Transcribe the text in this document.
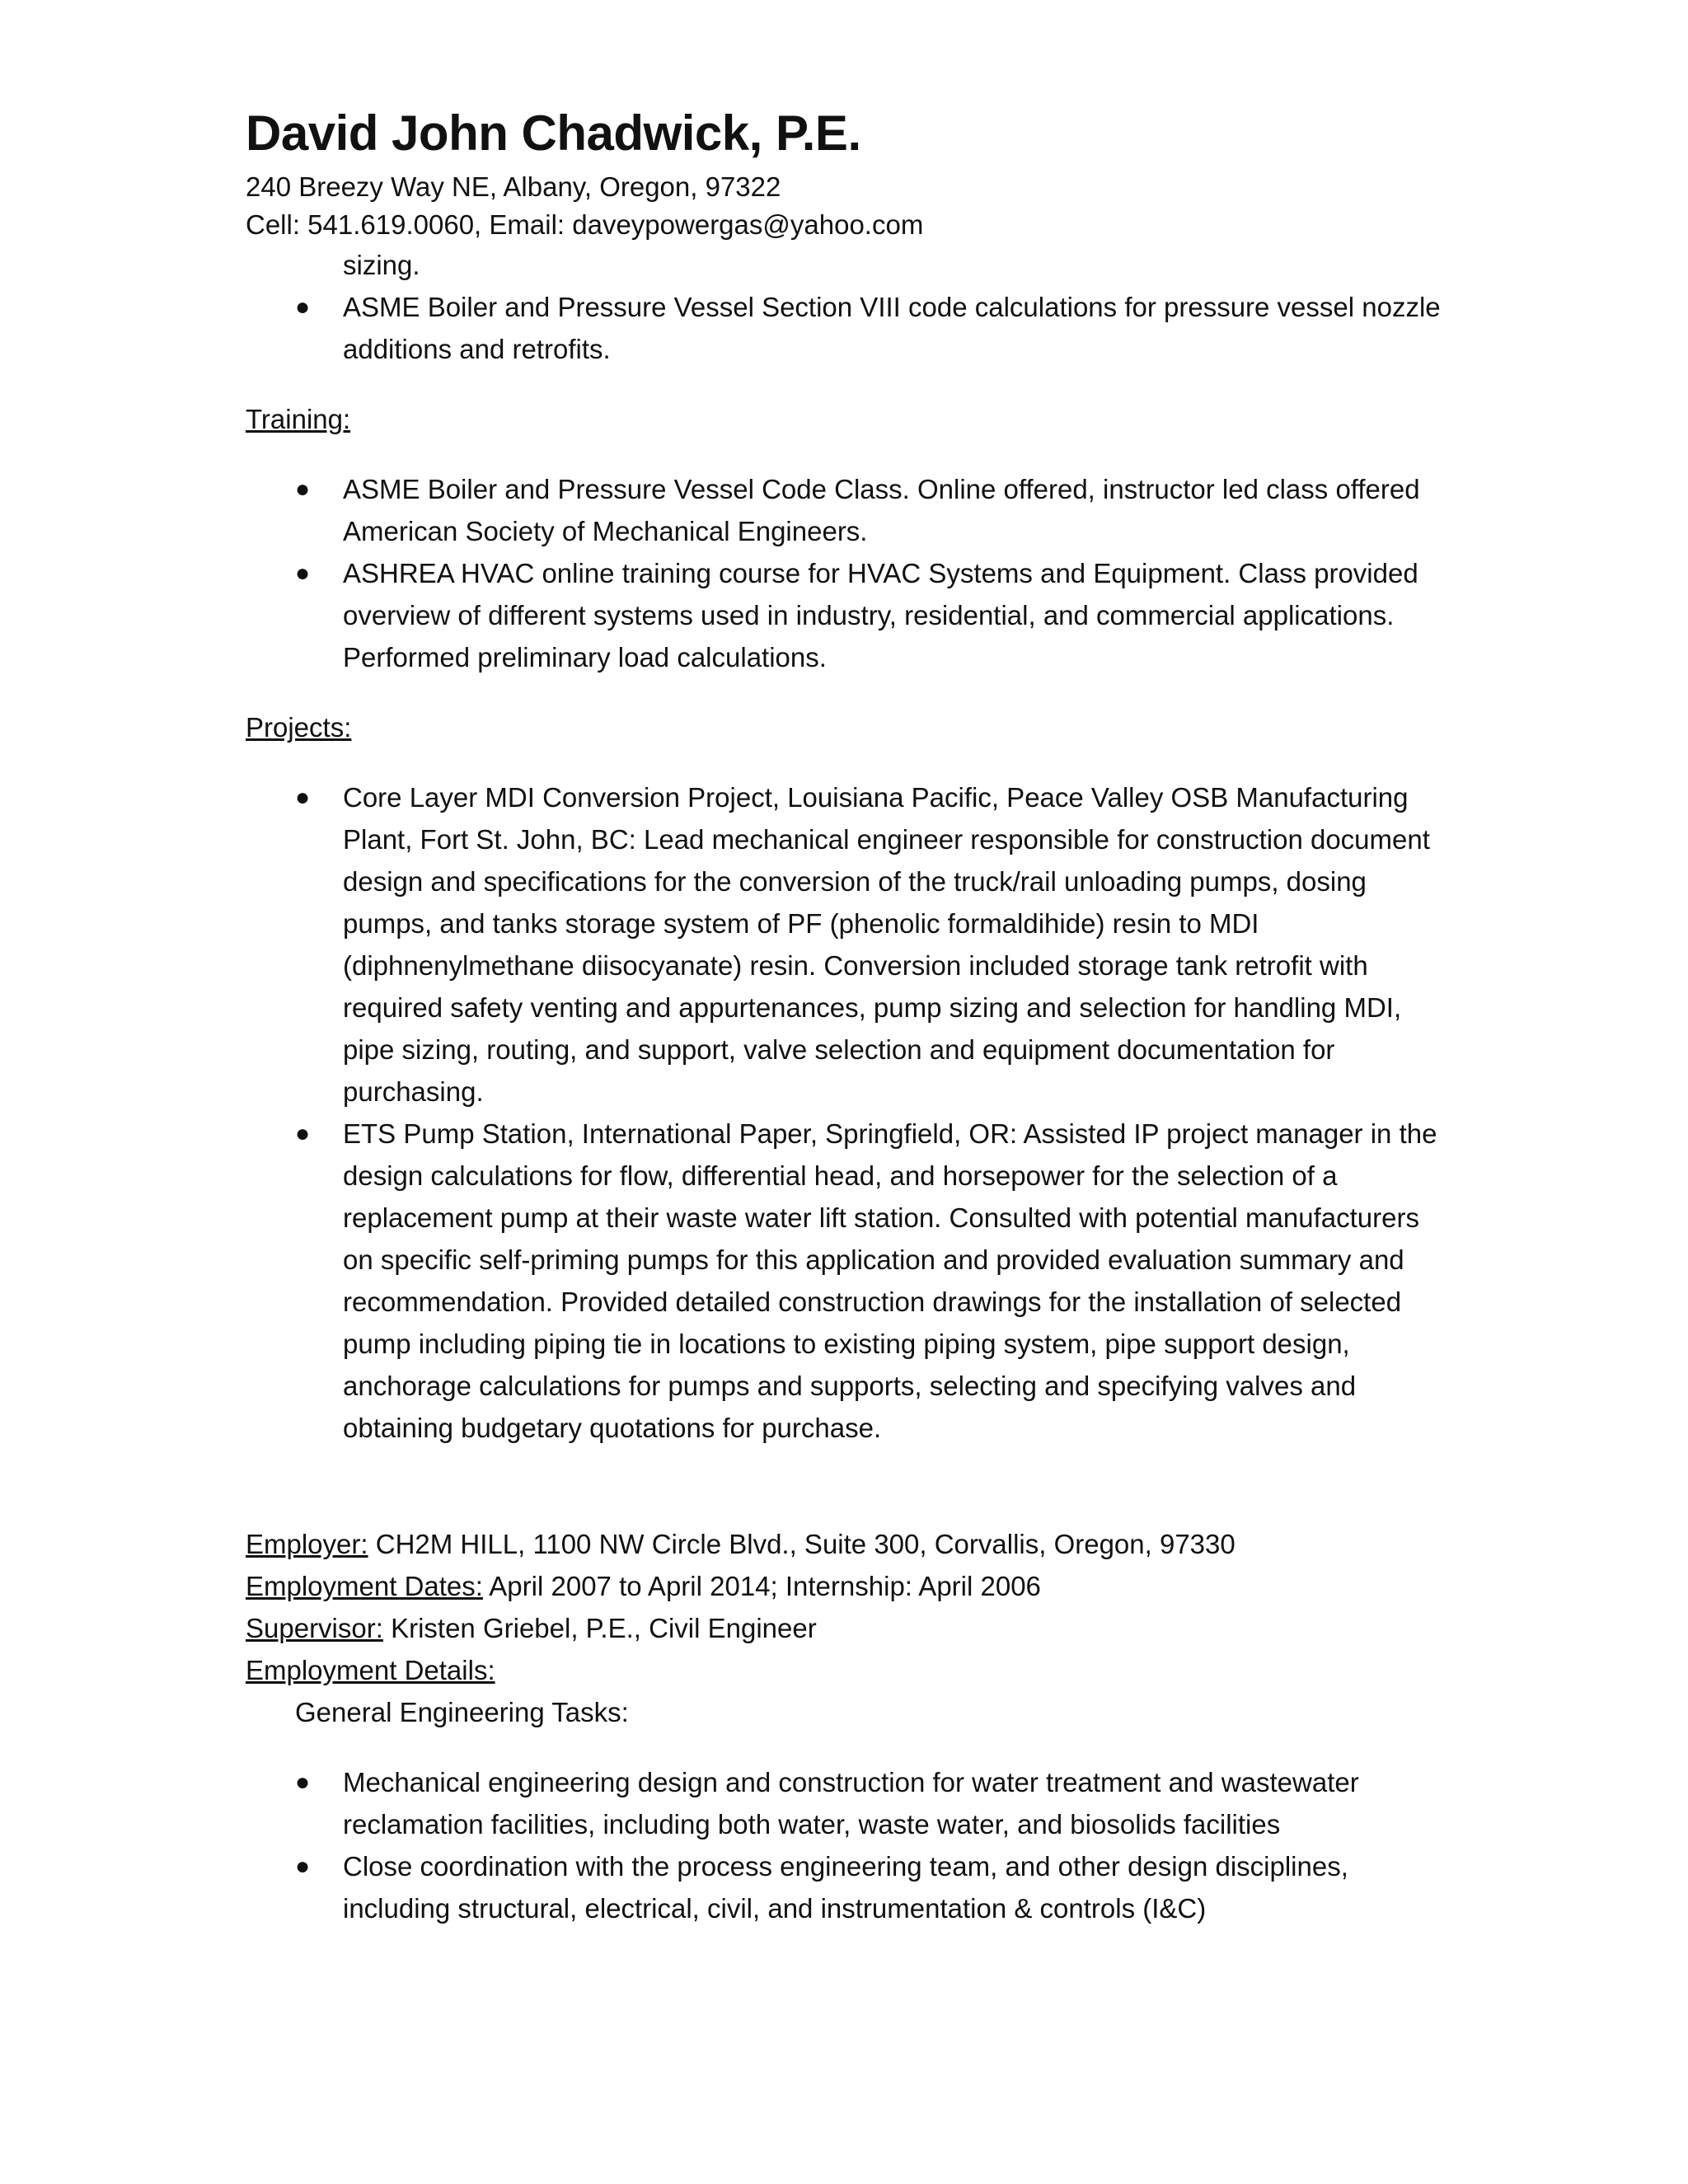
David John Chadwick, P.E.

240 Breezy Way NE, Albany, Oregon, 97322

Cell: 541.619.0060, Email: daveypowergas@yahoo.com

sizing.

● ASME Boiler and Pressure Vessel Section VIII code calculations for pressure vessel nozzle additions and retrofits.

Training:

● ASME Boiler and Pressure Vessel Code Class. Online offered, instructor led class offered American Society of Mechanical Engineers.
● ASHREA HVAC online training course for HVAC Systems and Equipment. Class provided overview of different systems used in industry, residential, and commercial applications. Performed preliminary load calculations.

Projects:

● Core Layer MDI Conversion Project, Louisiana Pacific, Peace Valley OSB Manufacturing Plant, Fort St. John, BC: Lead mechanical engineer responsible for construction document design and specifications for the conversion of the truck/rail unloading pumps, dosing pumps, and tanks storage system of PF (phenolic formaldihide) resin to MDI (diphnenylmethane diisocyanate) resin. Conversion included storage tank retrofit with required safety venting and appurtenances, pump sizing and selection for handling MDI, pipe sizing, routing, and support, valve selection and equipment documentation for purchasing.
● ETS Pump Station, International Paper, Springfield, OR: Assisted IP project manager in the design calculations for flow, differential head, and horsepower for the selection of a replacement pump at their waste water lift station. Consulted with potential manufacturers on specific self-priming pumps for this application and provided evaluation summary and recommendation. Provided detailed construction drawings for the installation of selected pump including piping tie in locations to existing piping system, pipe support design, anchorage calculations for pumps and supports, selecting and specifying valves and obtaining budgetary quotations for purchase.

Employer: CH2M HILL, 1100 NW Circle Blvd., Suite 300, Corvallis, Oregon, 97330

Employment Dates: April 2007 to April 2014; Internship: April 2006

Supervisor: Kristen Griebel, P.E., Civil Engineer

Employment Details:

General Engineering Tasks:

● Mechanical engineering design and construction for water treatment and wastewater reclamation facilities, including both water, waste water, and biosolids facilities
● Close coordination with the process engineering team, and other design disciplines, including structural, electrical, civil, and instrumentation & controls (I&C)
